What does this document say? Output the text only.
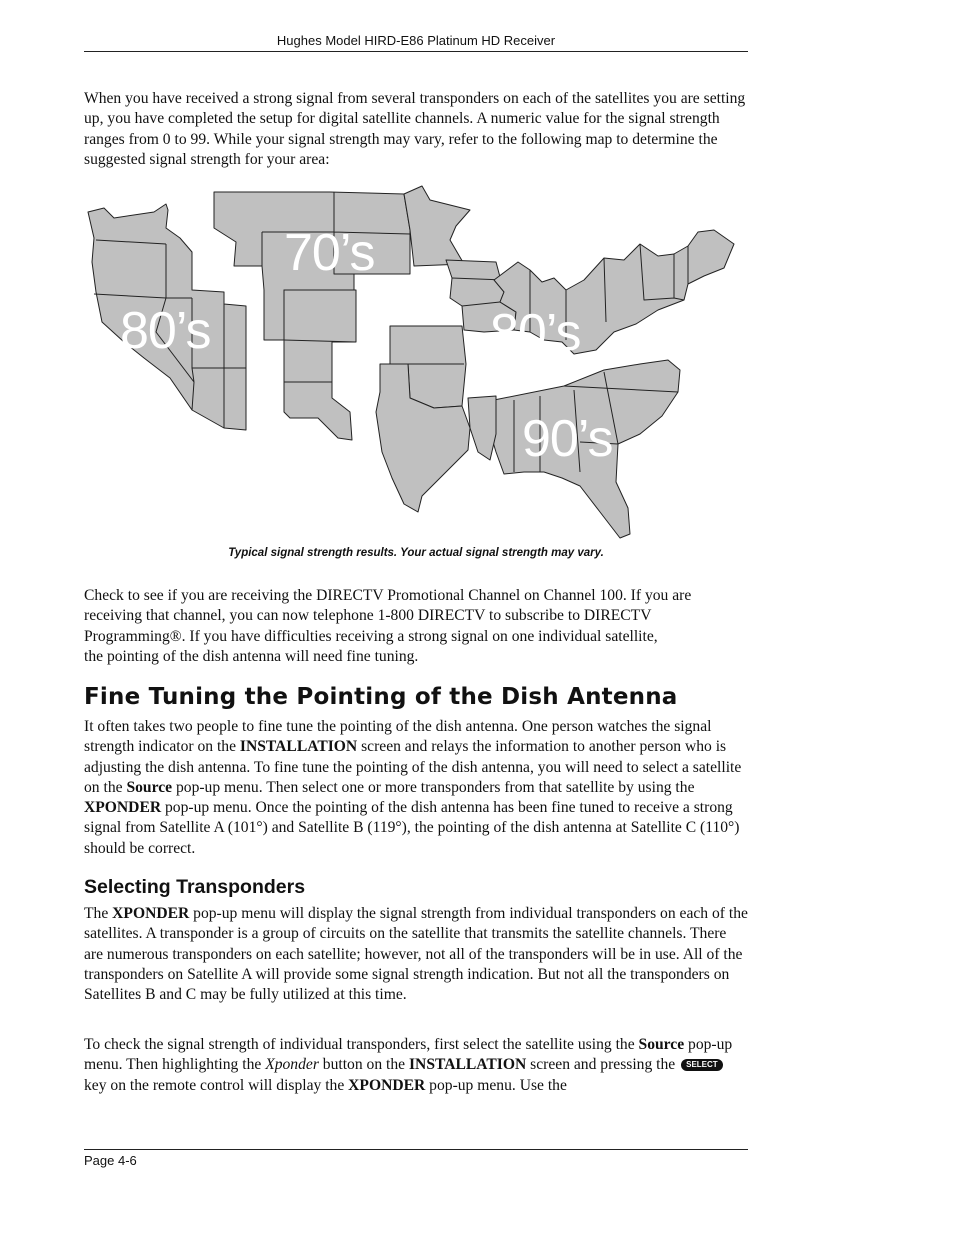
Hughes Model HIRD-E86 Platinum HD Receiver

When you have received a strong signal from several transponders on each of the satellites you are setting up, you have completed the setup for digital satellite channels. A numeric value for the signal strength ranges from 0 to 99. While your signal strength may vary, refer to the following map to determine the suggested signal strength for your area:

70’s
80’s	80’s
90’s
Typical signal strength results. Your actual signal strength may vary.
Check to see if you are receiving the DIRECTV Promotional Channel on Channel 100. If you are
receiving that channel, you can now telephone 1-800 DIRECTV to subscribe to DIRECTV
Programming®. If you have difficulties receiving a strong signal on one individual satellite,
the pointing of the dish antenna will need fine tuning.
Fine Tuning the Pointing of the Dish Antenna

It often takes two people to fine tune the pointing of the dish antenna. One person watches the signal strength indicator on the INSTALLATION screen and relays the information to another person who is adjusting the dish antenna. To fine tune the pointing of the dish antenna, you will need to select a satellite on the Source pop-up menu. Then select one or more transponders from that satellite by using the XPONDER pop-up menu. Once the pointing of the dish antenna has been fine tuned to receive a strong signal from Satellite A (101°) and Satellite B (119°), the pointing of the dish antenna at Satellite C (110°) should be correct.

Selecting Transponders

The XPONDER pop-up menu will display the signal strength from individual transponders on each of the satellites. A transponder is a group of circuits on the satellite that transmits the satellite channels. There are numerous transponders on each satellite; however, not all of the transponders will be in use. All of the transponders on Satellite A will provide some signal strength indication. But not all the transponders on Satellites B and C may be fully utilized at this time.

To check the signal strength of individual transponders, first select the satellite using the Source pop-up menu. Then highlighting the Xponder button on the INSTALLATION screen and pressing the SELECT key on the remote control will display the XPONDER pop-up menu. Use the

Page 4-6
